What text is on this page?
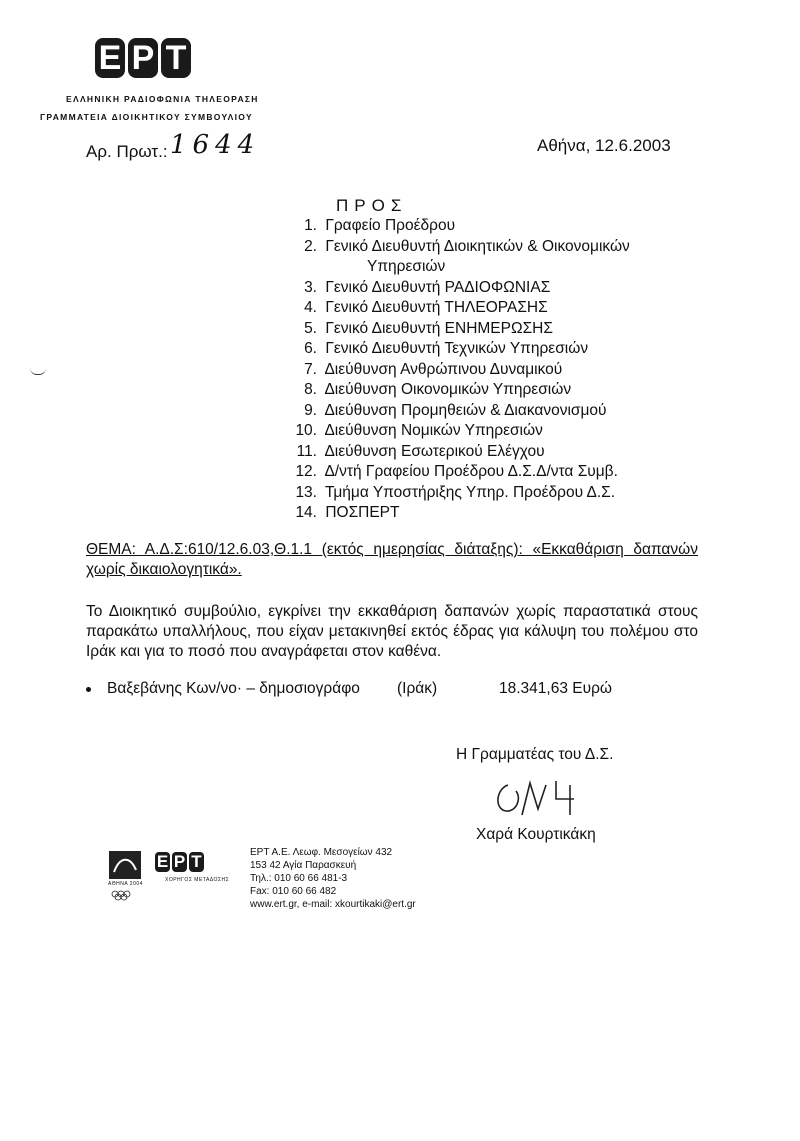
Ε Ρ Τ
ΕΛΛΗΝΙΚΗ ΡΑΔΙΟΦΩΝΙΑ ΤΗΛΕΟΡΑΣΗ
ΓΡΑΜΜΑΤΕΙΑ ΔΙΟΙΚΗΤΙΚΟΥ ΣΥΜΒΟΥΛΙΟΥ
Αρ. Πρωτ.: 1644	Αθήνα, 12.6.2003
ΠΡΟΣ
1. Γραφείο Προέδρου
2. Γενικό Διευθυντή Διοικητικών & Οικονομικών
Υπηρεσιών
3. Γενικό Διευθυντή ΡΑΔΙΟΦΩΝΙΑΣ
4. Γενικό Διευθυντή ΤΗΛΕΟΡΑΣΗΣ
5. Γενικό Διευθυντή ΕΝΗΜΕΡΩΣΗΣ
6. Γενικό Διευθυντή Τεχνικών Υπηρεσιών
7. Διεύθυνση Ανθρώπινου Δυναμικού
8. Διεύθυνση Οικονομικών Υπηρεσιών
9. Διεύθυνση Προμηθειών & Διακανονισμού
10. Διεύθυνση Νομικών Υπηρεσιών
11. Διεύθυνση Εσωτερικού Ελέγχου
12. Δ/ντή Γραφείου Προέδρου Δ.Σ.Δ/ντα Συμβ.
13. Τμήμα Υποστήριξης Υπηρ. Προέδρου Δ.Σ.
14. ΠΟΣΠΕΡΤ
ΘΕΜΑ: Α.Δ.Σ:610/12.6.03,Θ.1.1 (εκτός ημερησίας διάταξης): «Εκκαθάριση δαπανών χωρίς δικαιολογητικά».
Το Διοικητικό συμβούλιο, εγκρίνει την εκκαθάριση δαπανών χωρίς παραστατικά στους παρακάτω υπαλλήλους, που είχαν μετακινηθεί εκτός έδρας για κάλυψη του πολέμου στο Ιράκ και για το ποσό που αναγράφεται στον καθένα.
Βαξεβάνης Κων/νο· – δημοσιογράφο	(Ιράκ)	18.341,63 Ευρώ
Η Γραμματέας του Δ.Σ.
Χαρά Κουρτικάκη
ΑΘΗΝΑ 2004
Ε Ρ Τ
ΧΟΡΗΓΟΣ ΜΕΤΑΔΟΣΗΣ
ΕΡΤ Α.Ε. Λεωφ. Μεσογείων 432
153 42 Αγία Παρασκευή
Τηλ.: 010 60 66 481-3
Fax: 010 60 66 482
www.ert.gr, e-mail: xkourtikaki@ert.gr
